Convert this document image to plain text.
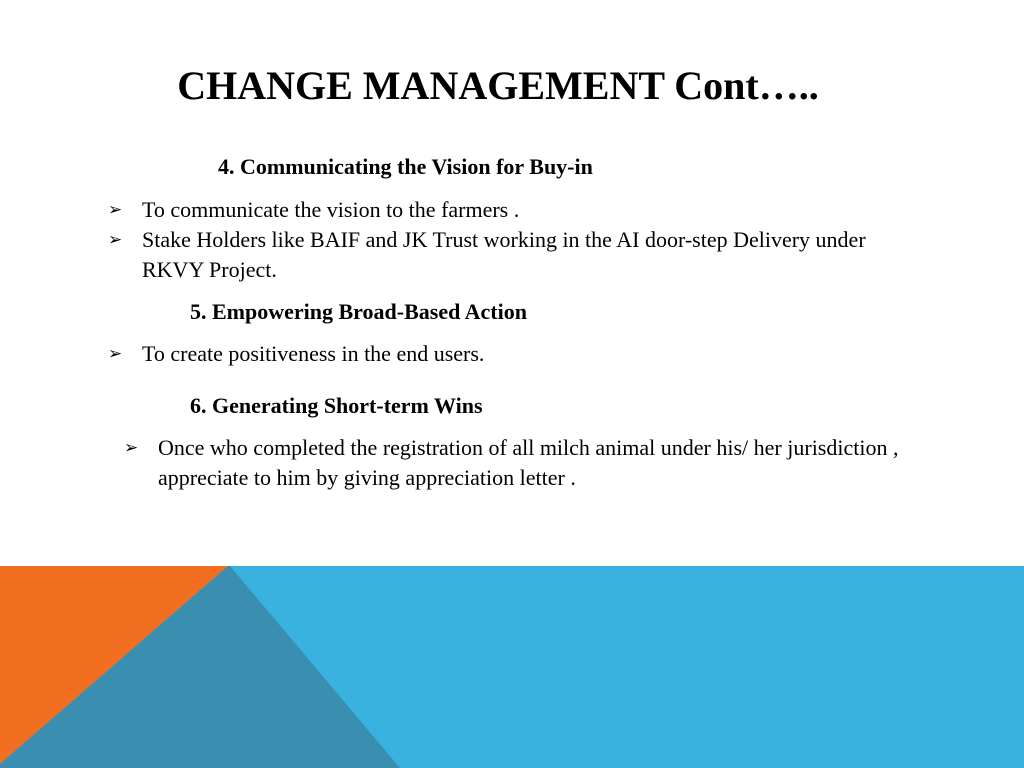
CHANGE MANAGEMENT Cont…..
4. Communicating the Vision for Buy-in
➢ To communicate the vision to the farmers .
➢ Stake Holders like BAIF and JK Trust working in the AI door-step Delivery under RKVY Project.
5. Empowering Broad-Based Action
➢ To create positiveness in the end users.
6. Generating Short-term Wins
➢ Once who completed the registration of all milch animal under his/ her jurisdiction , appreciate to him by giving appreciation letter .
